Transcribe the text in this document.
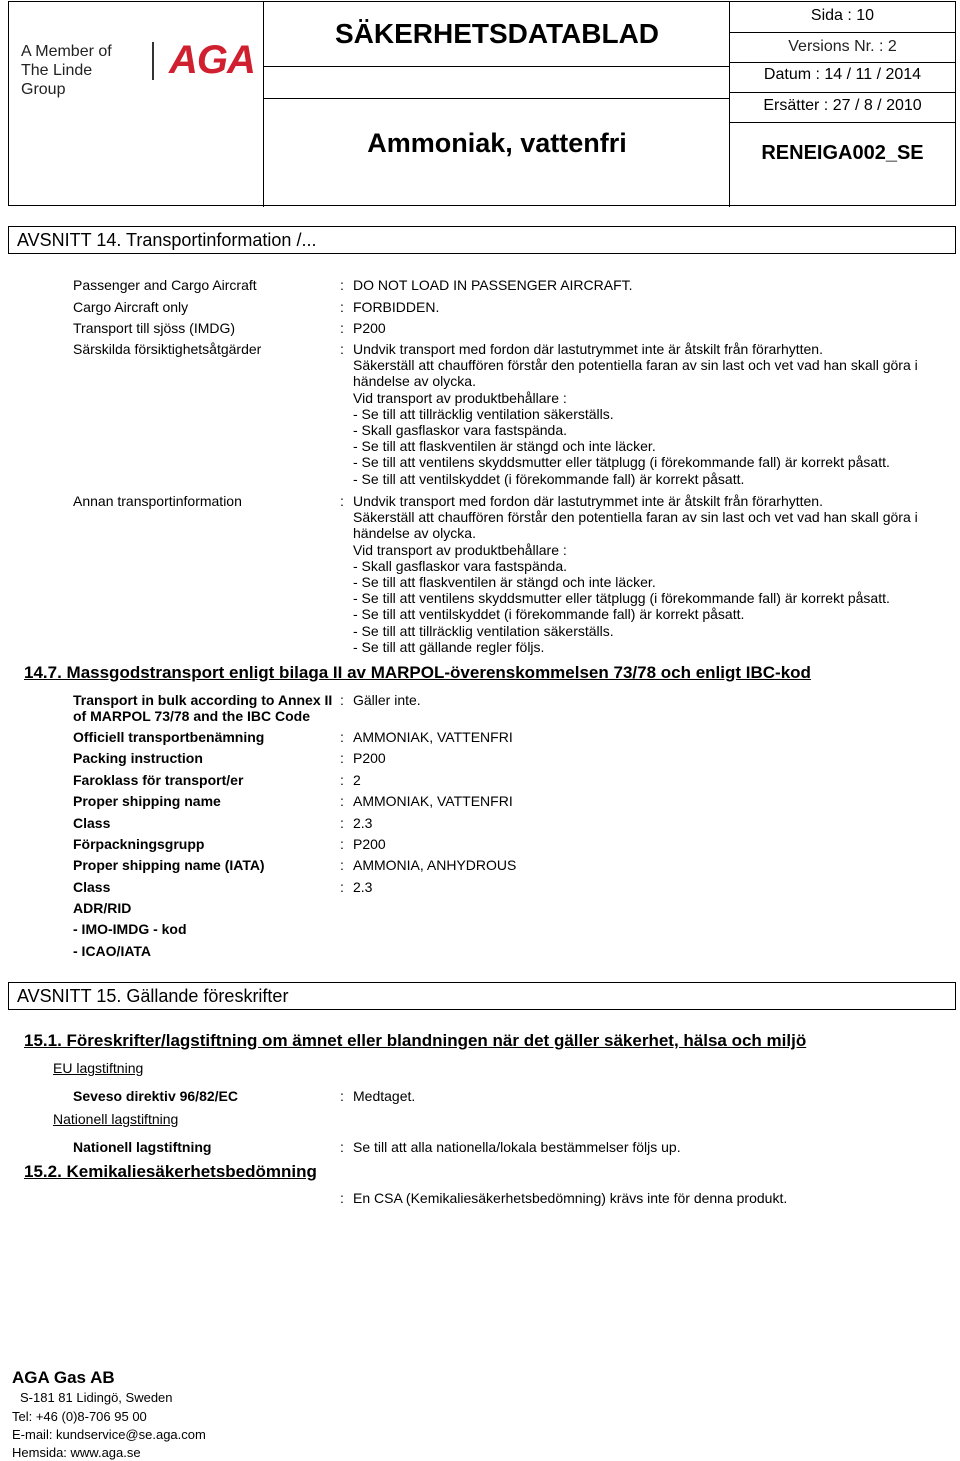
A Member of
The Linde Group
AGA
SÄKERHETSDATABLAD
Ammoniak, vattenfri
Sida : 10
Versions Nr. : 2
Datum : 14 / 11 / 2014
Ersätter : 27 / 8 / 2010
RENEIGA002_SE
AVSNITT 14. Transportinformation /...
Passenger and Cargo Aircraft	: DO NOT LOAD IN PASSENGER AIRCRAFT.
Cargo Aircraft only	: FORBIDDEN.
Transport till sjöss (IMDG)	: P200
Särskilda försiktighetsåtgärder	: Undvik transport med fordon där lastutrymmet inte är åtskilt från förarhytten.
Säkerställ att chauffören förstår den potentiella faran av sin last och vet vad han skall göra i
händelse av olycka.
Vid transport av produktbehållare :
- Se till att tillräcklig ventilation säkerställs.
- Skall gasflaskor vara fastspända.
- Se till att flaskventilen är stängd och inte läcker.
- Se till att ventilens skyddsmutter eller tätplugg (i förekommande fall) är korrekt påsatt.
- Se till att ventilskyddet (i förekommande fall) är korrekt påsatt.
Annan transportinformation	: Undvik transport med fordon där lastutrymmet inte är åtskilt från förarhytten.
Säkerställ att chauffören förstår den potentiella faran av sin last och vet vad han skall göra i
händelse av olycka.
Vid transport av produktbehållare :
- Skall gasflaskor vara fastspända.
- Se till att flaskventilen är stängd och inte läcker.
- Se till att ventilens skyddsmutter eller tätplugg (i förekommande fall) är korrekt påsatt.
- Se till att ventilskyddet (i förekommande fall) är korrekt påsatt.
- Se till att tillräcklig ventilation säkerställs.
- Se till att gällande regler följs.
14.7. Massgodstransport enligt bilaga II av MARPOL-överenskommelsen 73/78 och enligt IBC-kod
Transport in bulk according to Annex II
of MARPOL 73/78 and the IBC Code
: Gäller inte.
Officiell transportbenämning	: AMMONIAK, VATTENFRI
Packing instruction	: P200
Faroklass för transport/er	: 2
Proper shipping name	: AMMONIAK, VATTENFRI
Class	: 2.3
Förpackningsgrupp	: P200
Proper shipping name (IATA)	: AMMONIA, ANHYDROUS
Class	: 2.3
ADR/RID
- IMO-IMDG - kod
- ICAO/IATA
AVSNITT 15. Gällande föreskrifter
15.1. Föreskrifter/lagstiftning om ämnet eller blandningen när det gäller säkerhet, hälsa och miljö
EU lagstiftning
Seveso direktiv 96/82/EC	: Medtaget.
Nationell lagstiftning
Nationell lagstiftning	: Se till att alla nationella/lokala bestämmelser följs up.
15.2. Kemikaliesäkerhetsbedömning
: En CSA (Kemikaliesäkerhetsbedömning) krävs inte för denna produkt.
AGA Gas AB
S-181 81 Lidingö, Sweden
Tel: +46 (0)8-706 95 00
E-mail: kundservice@se.aga.com
Hemsida: www.aga.se
